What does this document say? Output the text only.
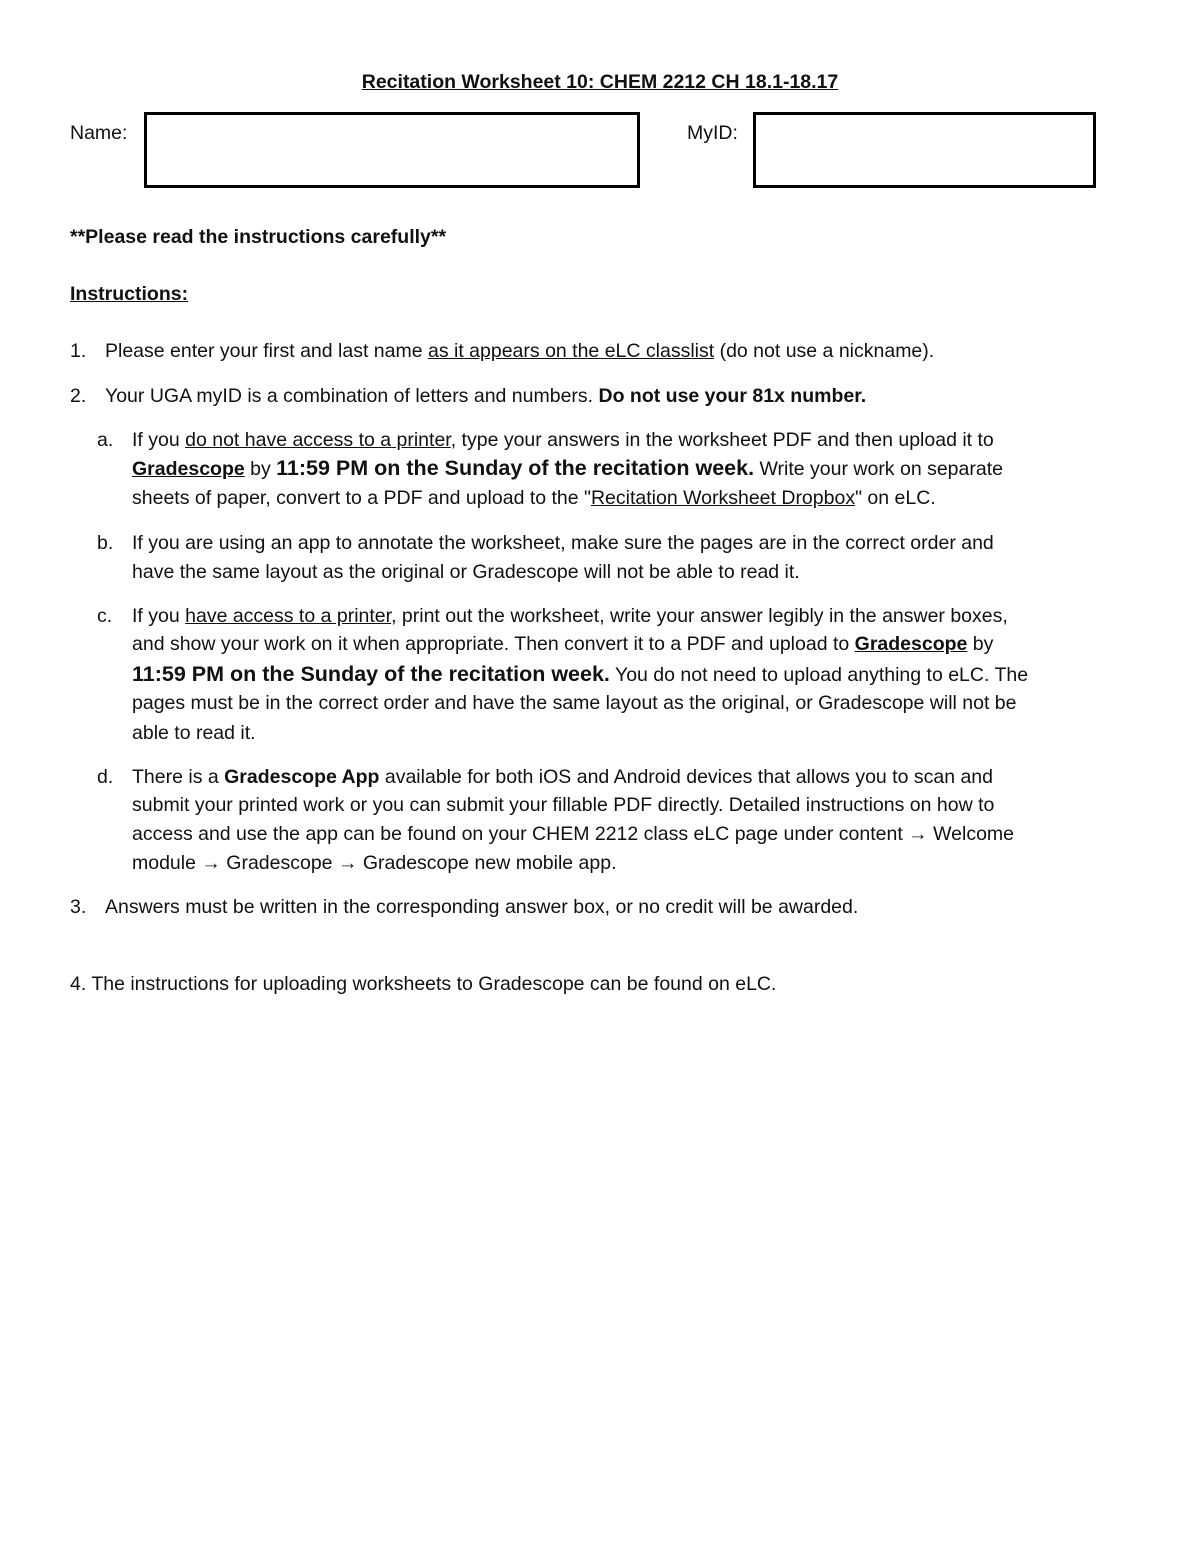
Recitation Worksheet 10: CHEM 2212 CH 18.1-18.17
Name:	MyID:
**Please read the instructions carefully**
Instructions:
1. Please enter your first and last name as it appears on the eLC classlist (do not use a nickname).
2. Your UGA myID is a combination of letters and numbers. Do not use your 81x number.
a. If you do not have access to a printer, type your answers in the worksheet PDF and then upload it to
Gradescope by 11:59 PM on the Sunday of the recitation week. Write your work on separate
sheets of paper, convert to a PDF and upload to the "Recitation Worksheet Dropbox" on eLC.
b. If you are using an app to annotate the worksheet, make sure the pages are in the correct order and
have the same layout as the original or Gradescope will not be able to read it.
c. If you have access to a printer, print out the worksheet, write your answer legibly in the answer boxes,
and show your work on it when appropriate. Then convert it to a PDF and upload to Gradescope by
11:59 PM on the Sunday of the recitation week. You do not need to upload anything to eLC. The
pages must be in the correct order and have the same layout as the original, or Gradescope will not be
able to read it.
d. There is a Gradescope App available for both iOS and Android devices that allows you to scan and
submit your printed work or you can submit your fillable PDF directly. Detailed instructions on how to
access and use the app can be found on your CHEM 2212 class eLC page under content → Welcome
module → Gradescope → Gradescope new mobile app.
3. Answers must be written in the corresponding answer box, or no credit will be awarded.
4. The instructions for uploading worksheets to Gradescope can be found on eLC.
